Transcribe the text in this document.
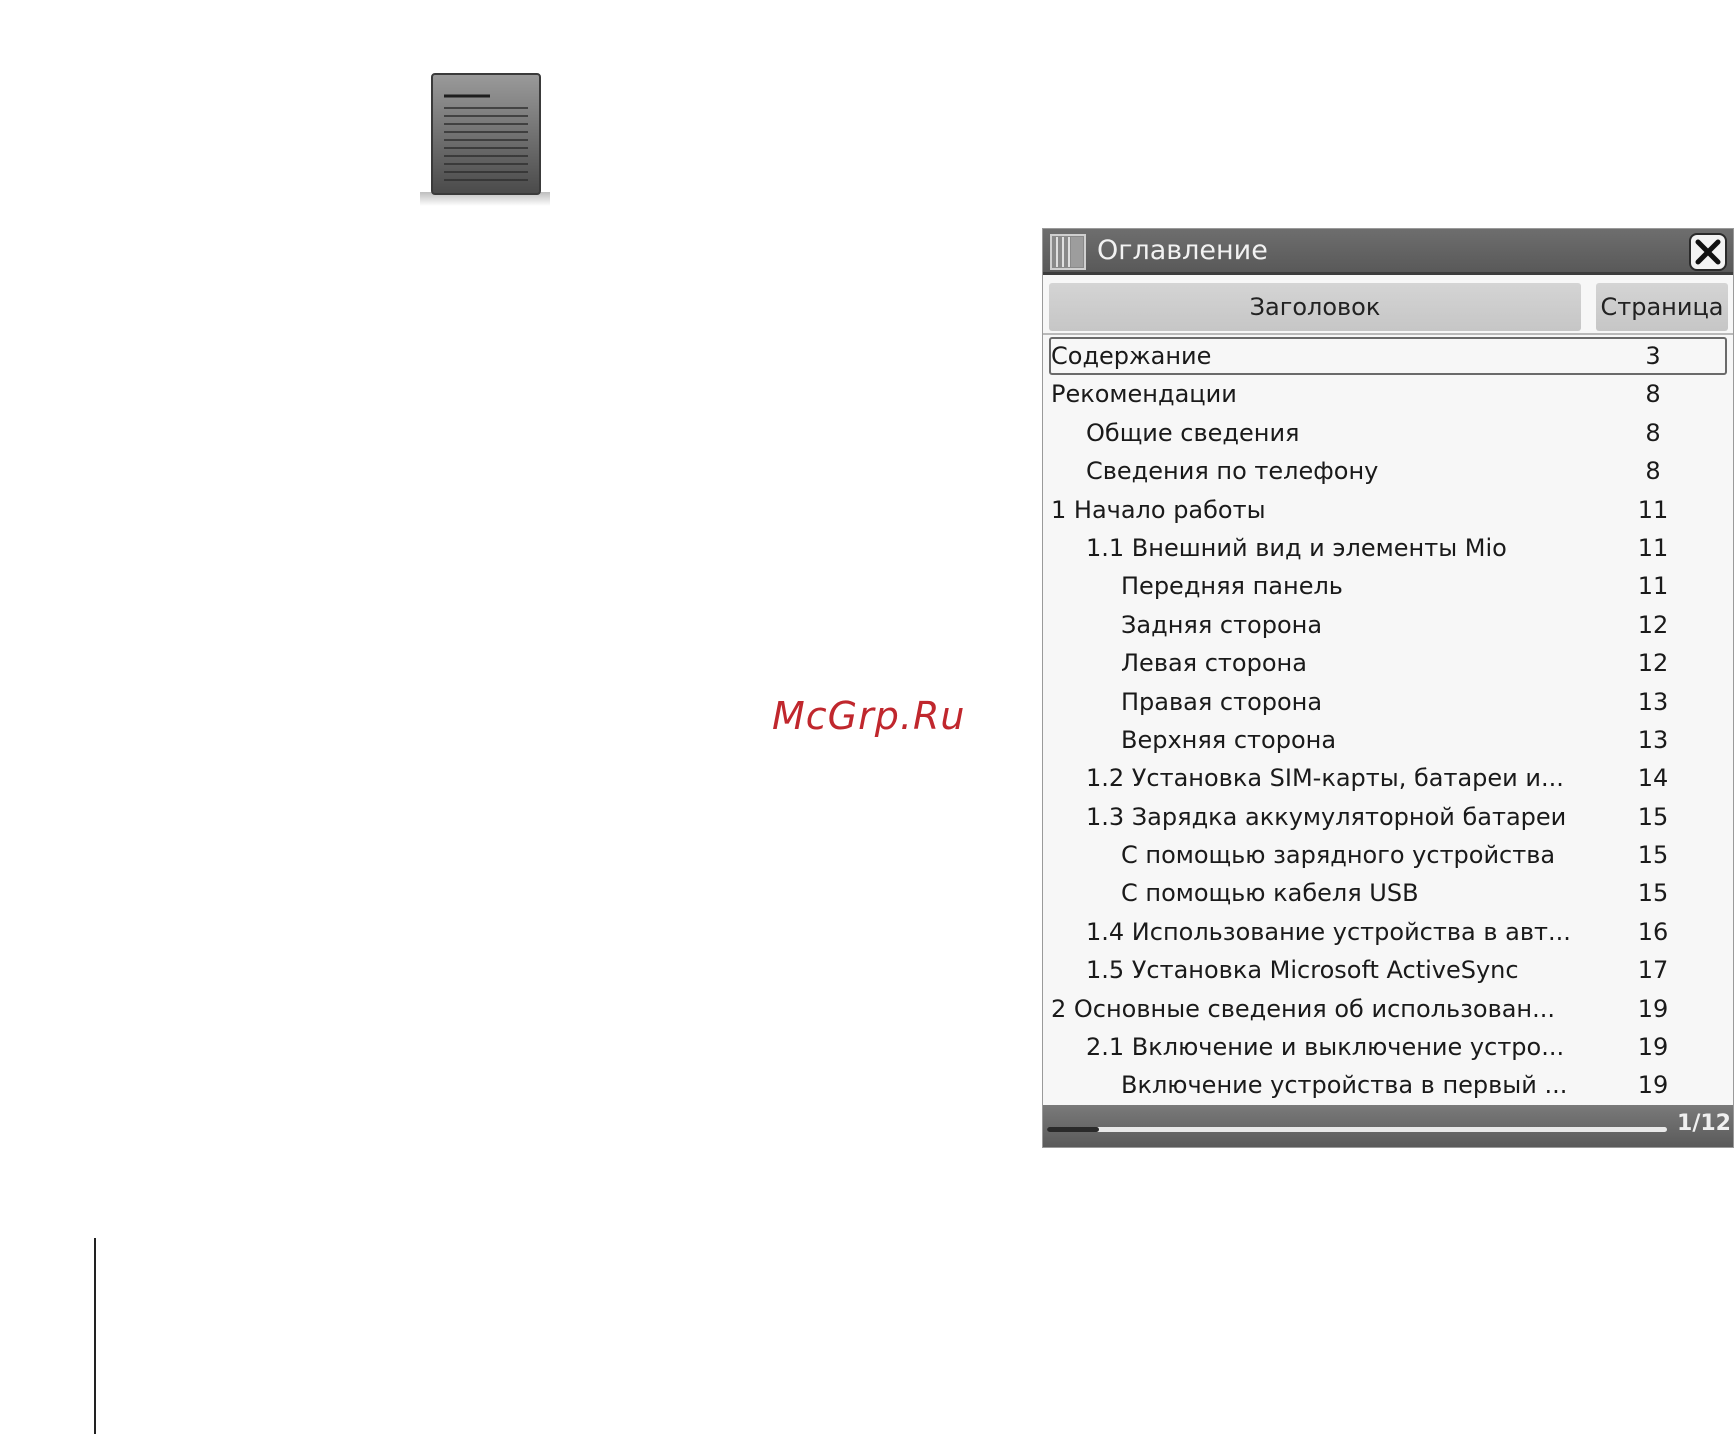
McGrp.Ru
Оглавление
Заголовок	Страница
Содержание	3
Рекомендации	8
Общие сведения	8
Сведения по телефону	8
1 Начало работы	11
1.1 Внешний вид и элементы Mio	11
Передняя панель	11
Задняя сторона	12
Левая сторона	12
Правая сторона	13
Верхняя сторона	13
1.2 Установка SIM-карты, батареи и...	14
1.3 Зарядка аккумуляторной батареи	15
С помощью зарядного устройства	15
С помощью кабеля USB	15
1.4 Использование устройства в авт...	16
1.5 Установка Microsoft ActiveSync	17
2 Основные сведения об использован...	19
2.1 Включение и выключение устро...	19
Включение устройства в первый ...	19
1/12
